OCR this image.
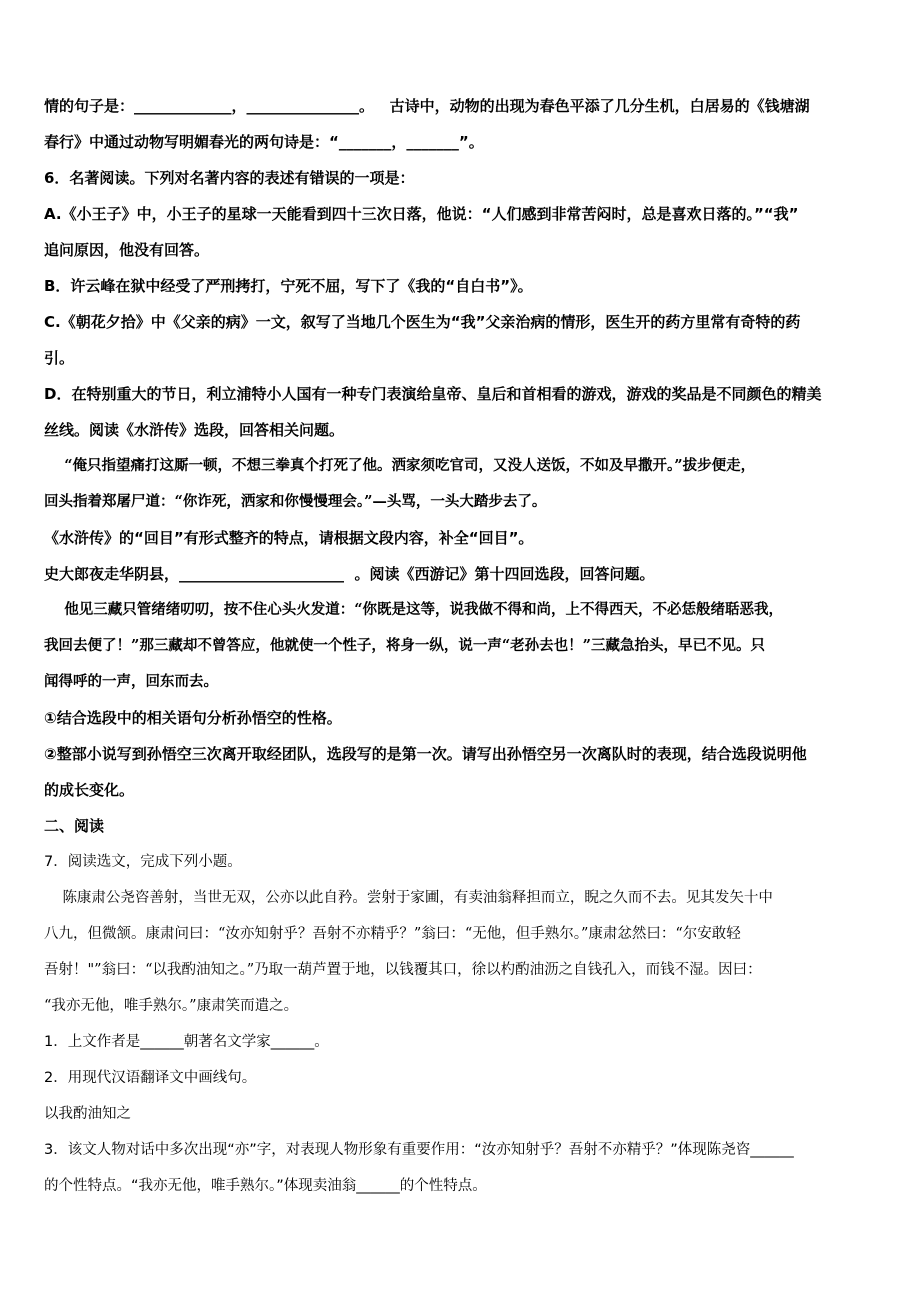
情的句子是：_____________，_______________。   古诗中，动物的出现为春色平添了几分生机，白居易的《钱塘湖
春行》中通过动物写明媚春光的两句诗是：“_______，_______”。
6．名著阅读。下列对名著内容的表述有错误的一项是：
A.《小王子》中，小王子的星球一天能看到四十三次日落，他说：“人们感到非常苦闷时，总是喜欢日落的。”“我”
追问原因，他没有回答。
B．许云峰在狱中经受了严刑拷打，宁死不屈，写下了《我的“自白书”》。
C.《朝花夕拾》中《父亲的病》一文，叙写了当地几个医生为“我”父亲治病的情形，医生开的药方里常有奇特的药
引。
D．在特别重大的节日，利立浦特小人国有一种专门表演给皇帝、皇后和首相看的游戏，游戏的奖品是不同颜色的精美
丝线。阅读《水浒传》选段，回答相关问题。
“俺只指望痛打这厮一顿，不想三拳真个打死了他。洒家须吃官司，又没人送饭，不如及早撒开。”拔步便走，
回头指着郑屠尸道：“你诈死，洒家和你慢慢理会。”—头骂，一头大踏步去了。
《水浒传》的“回目”有形式整齐的特点，请根据文段内容，补全“回目”。
史大郎夜走华阴县，______________________  。阅读《西游记》第十四回选段，回答问题。
他见三藏只管绪绪叨叨，按不住心头火发道：“你既是这等，说我做不得和尚，上不得西天，不必恁般绪聒恶我，
我回去便了！”那三藏却不曾答应，他就使一个性子，将身一纵，说一声“老孙去也！”三藏急抬头，早已不见。只
闻得呼的一声，回东而去。
①结合选段中的相关语句分析孙悟空的性格。
②整部小说写到孙悟空三次离开取经团队，选段写的是第一次。请写出孙悟空另一次离队时的表现，结合选段说明他
的成长变化。
二、阅读
7．阅读选文，完成下列小题。
陈康肃公尧咨善射，当世无双，公亦以此自矜。尝射于家圃，有卖油翁释担而立，睨之久而不去。见其发矢十中
八九，但微颔。康肃问曰：“汝亦知射乎？吾射不亦精乎？”翁曰：“无他，但手熟尔。”康肃忿然曰：“尔安敢轻
吾射！"”翁曰：“以我酌油知之。”乃取一葫芦置于地，以钱覆其口，徐以杓酌油沥之自钱孔入，而钱不湿。因曰：
“我亦无他，唯手熟尔。”康肃笑而遣之。
1．上文作者是______朝著名文学家______。
2．用现代汉语翻译文中画线句。
以我酌油知之
3．该文人物对话中多次出现“亦”字，对表现人物形象有重要作用：“汝亦知射乎？吾射不亦精乎？”体现陈尧咨______
的个性特点。“我亦无他，唯手熟尔。”体现卖油翁______的个性特点。
